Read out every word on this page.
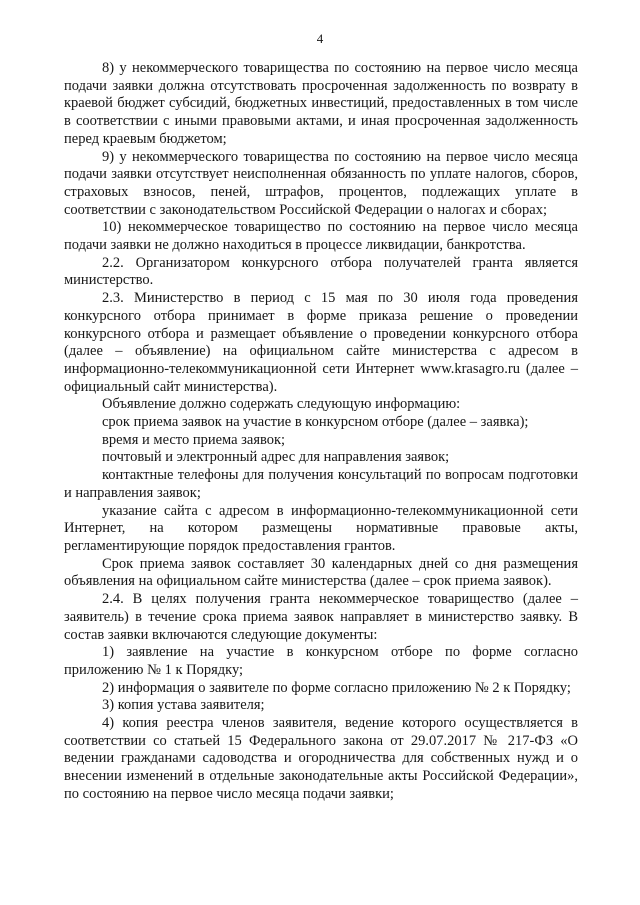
4

8) у некоммерческого товарищества по состоянию на первое число месяца подачи заявки должна отсутствовать просроченная задолженность по возврату в краевой бюджет субсидий, бюджетных инвестиций, предоставленных в том числе в соответствии с иными правовыми актами, и иная просроченная задолженность перед краевым бюджетом;

9) у некоммерческого товарищества по состоянию на первое число месяца подачи заявки отсутствует неисполненная обязанность по уплате налогов, сборов, страховых взносов, пеней, штрафов, процентов, подлежащих уплате в соответствии с законодательством Российской Федерации о налогах и сборах;

10) некоммерческое товарищество по состоянию на первое число месяца подачи заявки не должно находиться в процессе ликвидации, банкротства.

2.2. Организатором конкурсного отбора получателей гранта является министерство.

2.3. Министерство в период с 15 мая по 30 июля года проведения конкурсного отбора принимает в форме приказа решение о проведении конкурсного отбора и размещает объявление о проведении конкурсного отбора (далее – объявление) на официальном сайте министерства с адресом в информационно-телекоммуникационной сети Интернет www.krasagro.ru (далее – официальный сайт министерства).

Объявление должно содержать следующую информацию:

срок приема заявок на участие в конкурсном отборе (далее – заявка);

время и место приема заявок;

почтовый и электронный адрес для направления заявок;

контактные телефоны для получения консультаций по вопросам подготовки и направления заявок;

указание сайта с адресом в информационно-телекоммуникационной сети Интернет, на котором размещены нормативные правовые акты, регламентирующие порядок предоставления грантов.

Срок приема заявок составляет 30 календарных дней со дня размещения объявления на официальном сайте министерства (далее – срок приема заявок).

2.4. В целях получения гранта некоммерческое товарищество (далее – заявитель) в течение срока приема заявок направляет в министерство заявку. В состав заявки включаются следующие документы:

1) заявление на участие в конкурсном отборе по форме согласно приложению № 1 к Порядку;

2) информация о заявителе по форме согласно приложению № 2 к Порядку;

3) копия устава заявителя;

4) копия реестра членов заявителя, ведение которого осуществляется в соответствии со статьей 15 Федерального закона от 29.07.2017 № 217-ФЗ «О ведении гражданами садоводства и огородничества для собственных нужд и о внесении изменений в отдельные законодательные акты Российской Федерации», по состоянию на первое число месяца подачи заявки;
